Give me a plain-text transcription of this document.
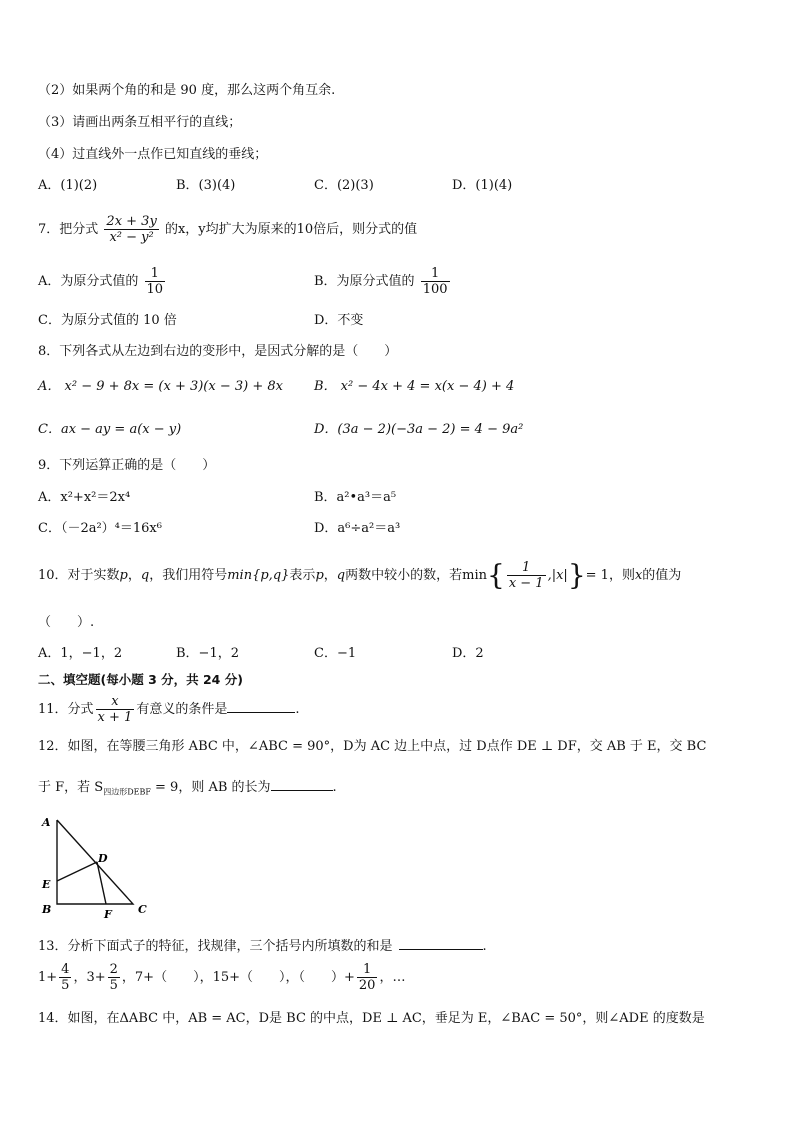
（2）如果两个角的和是 90 度，那么这两个角互余.
（3）请画出两条互相平行的直线；
（4）过直线外一点作已知直线的垂线；
A．(1)(2)	B．(3)(4)	C．(2)(3)	D．(1)(4)
7．把分式 $\frac{2x + 3y}{\text{x² − y²}}$ 的x，y均扩大为原来的10倍后，则分式的值
A．为原分式值的 $\frac{1}{10}$	B．为原分式值的 $\frac{1}{100}$
C．为原分式值的 10 倍	D．不变
8．下列各式从左边到右边的变形中，是因式分解的是（　　）
A． x² − 9 + 8x = (x + 3)(x − 3) + 8x B． x² − 4x + 4 = x(x − 4) + 4
C．ax − ay = a(x − y)	D．(3a − 2)(−3a − 2) = 4 − 9a²
9．下列运算正确的是（　　）
A．x²+x²＝2x⁴	B．a²•a³＝a⁵
C．（－2a²）⁴＝16x⁶	D．a⁶÷a²＝a³
10．对于实数p，q，我们用符号min{p,q}表示p，q两数中较小的数，若$\min\{ \frac{1}{x - 1} ,|x|\}= 1$，则x的值为
（　　）.
A．1，−1，2	B．−1，2	C．−1	D．2
二、填空题(每小题 3 分，共 24 分)
11．分式 $\frac{x}{x + 1}$ 有意义的条件是	.
12．如图，在等腰三角形 ABC 中，∠ABC = 90°，D为 AC 边上中点，过 D点作 DE ⊥ DF，交 AB 于 E，交 BC
于 F，若 $S_{四边形DEBF} = 9$，则 AB 的长为	.
A
B	C
D
E
F
13．分析下面式子的特征，找规律，三个括号内所填数的和是	.
$1+ \frac{4}{5}$ ，$3+ \frac{2}{5}$ ，7+（　　），15+（　　），（　　）+ $\frac{1}{20}$ ，…
14．如图，在ΔABC 中，AB = AC，D是 BC 的中点，DE ⊥ AC，垂足为 E，∠BAC = 50°，则∠ADE 的度数是
